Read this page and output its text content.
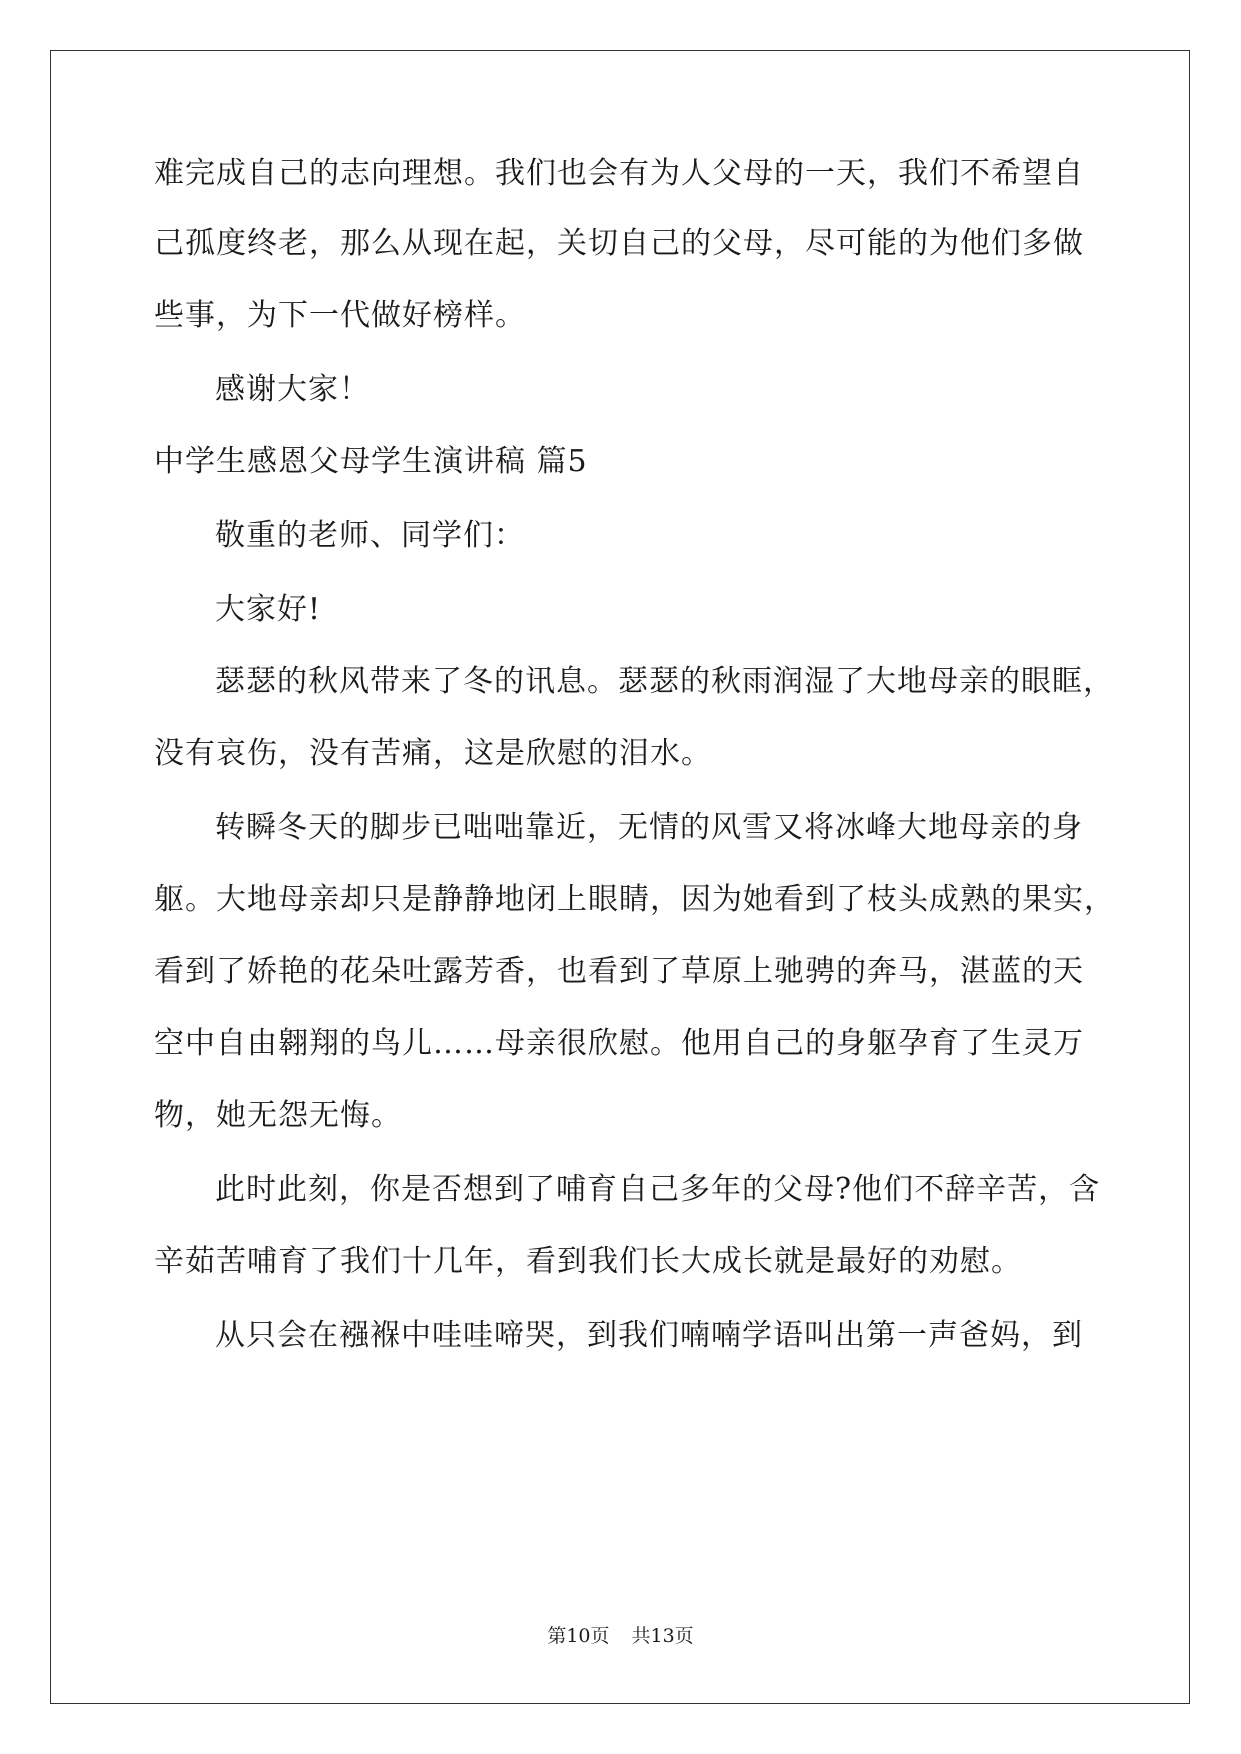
难完成自己的志向理想。我们也会有为人父母的一天，我们不希望自
己孤度终老，那么从现在起，关切自己的父母，尽可能的为他们多做
些事，为下一代做好榜样。
感谢大家！
中学生感恩父母学生演讲稿 篇5
敬重的老师、同学们：
大家好!
瑟瑟的秋风带来了冬的讯息。瑟瑟的秋雨润湿了大地母亲的眼眶，
没有哀伤，没有苦痛，这是欣慰的泪水。
转瞬冬天的脚步已咄咄靠近，无情的风雪又将冰峰大地母亲的身
躯。大地母亲却只是静静地闭上眼睛，因为她看到了枝头成熟的果实，
看到了娇艳的花朵吐露芳香，也看到了草原上驰骋的奔马，湛蓝的天
空中自由翱翔的鸟儿……母亲很欣慰。他用自己的身躯孕育了生灵万
物，她无怨无悔。
此时此刻，你是否想到了哺育自己多年的父母?他们不辞辛苦，含
辛茹苦哺育了我们十几年，看到我们长大成长就是最好的劝慰。
从只会在襁褓中哇哇啼哭，到我们喃喃学语叫出第一声爸妈，到
第10页 共13页
